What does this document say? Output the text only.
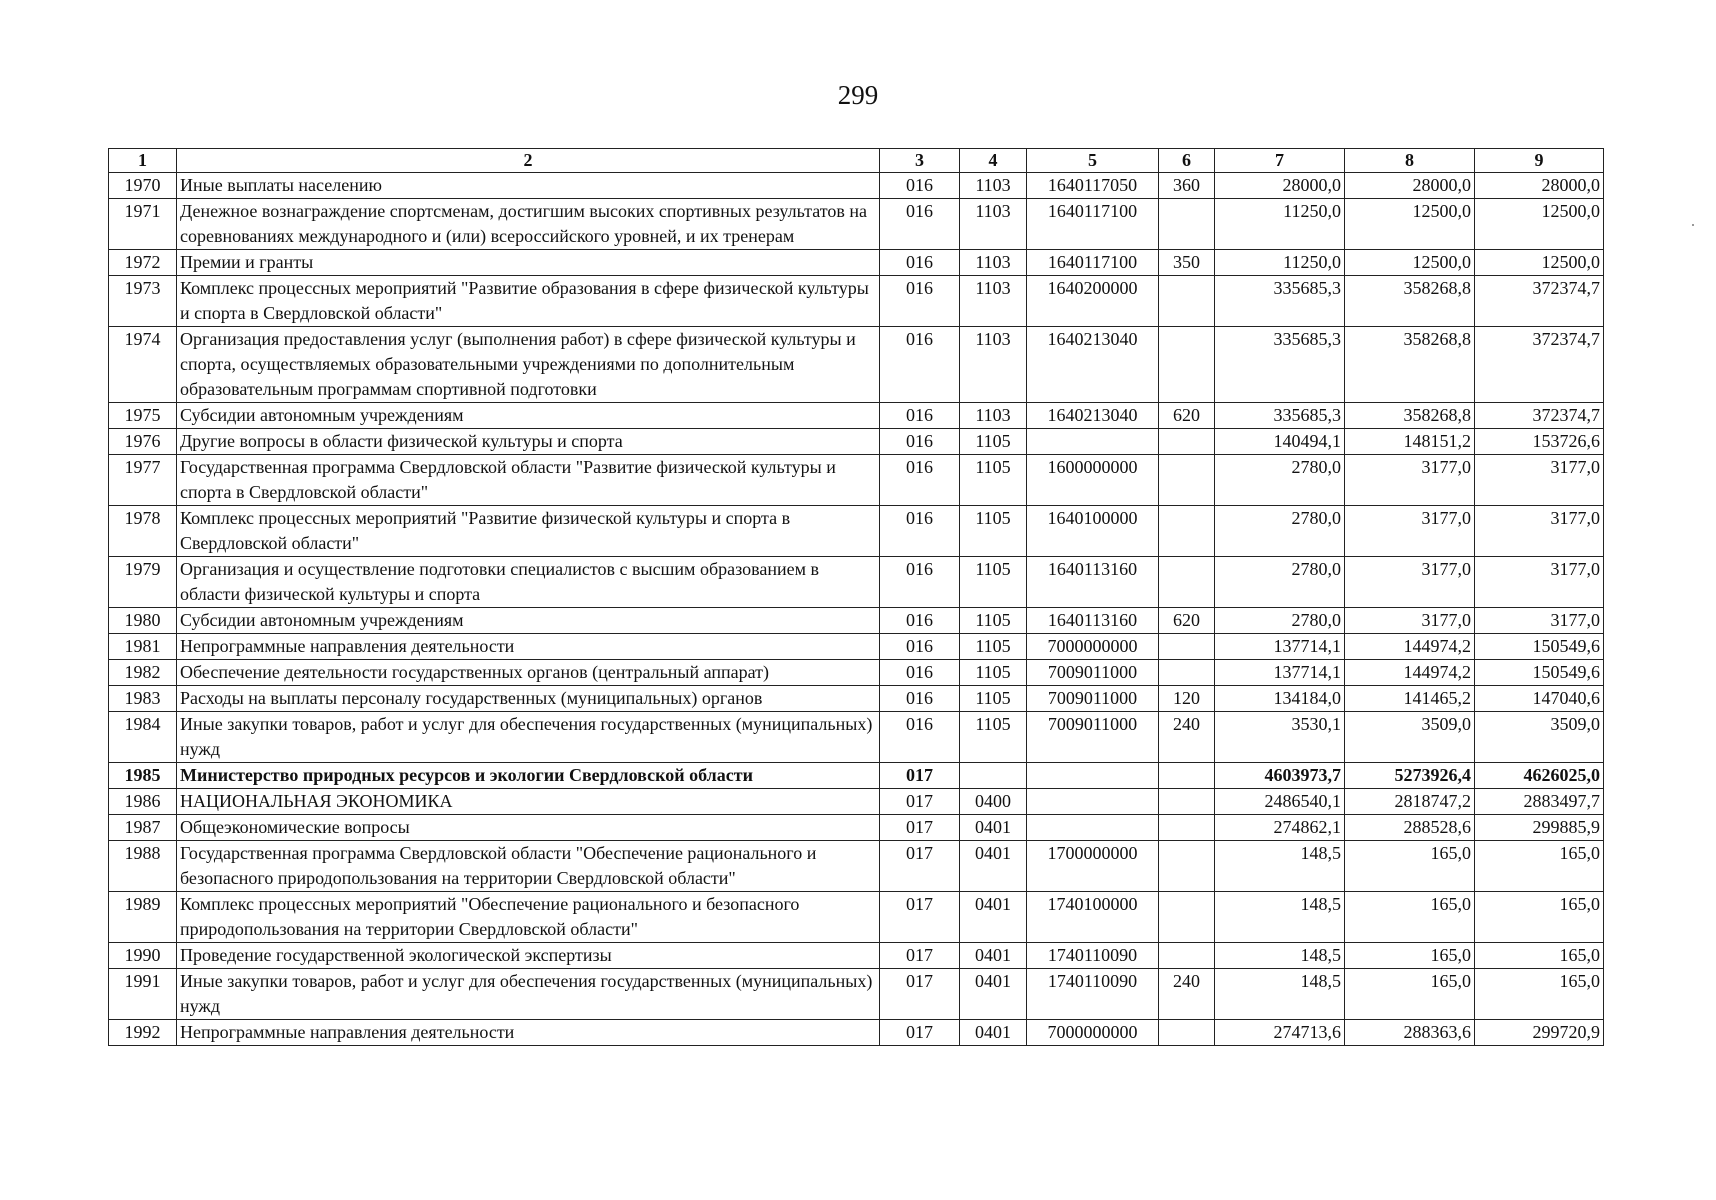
299
1	2	3	4	5	6	7	8	9
1970	Иные выплаты населению	016	1103	1640117050	360	28000,0	28000,0	28000,0
1971	Денежное вознаграждение спортсменам, достигшим высоких спортивных результатов на соревнованиях международного и (или) всероссийского уровней, и их тренерам	016	1103	1640117100		11250,0	12500,0	12500,0
1972	Премии и гранты	016	1103	1640117100	350	11250,0	12500,0	12500,0
1973	Комплекс процессных мероприятий "Развитие образования в сфере физической культуры и спорта в Свердловской области"	016	1103	1640200000		335685,3	358268,8	372374,7
1974	Организация предоставления услуг (выполнения работ) в сфере физической культуры и спорта, осуществляемых образовательными учреждениями по дополнительным образовательным программам спортивной подготовки	016	1103	1640213040		335685,3	358268,8	372374,7
1975	Субсидии автономным учреждениям	016	1103	1640213040	620	335685,3	358268,8	372374,7
1976	Другие вопросы в области физической культуры и спорта	016	1105			140494,1	148151,2	153726,6
1977	Государственная программа Свердловской области "Развитие физической культуры и спорта в Свердловской области"	016	1105	1600000000		2780,0	3177,0	3177,0
1978	Комплекс процессных мероприятий "Развитие физической культуры и спорта в Свердловской области"	016	1105	1640100000		2780,0	3177,0	3177,0
1979	Организация и осуществление подготовки специалистов с высшим образованием в области физической культуры и спорта	016	1105	1640113160		2780,0	3177,0	3177,0
1980	Субсидии автономным учреждениям	016	1105	1640113160	620	2780,0	3177,0	3177,0
1981	Непрограммные направления деятельности	016	1105	7000000000		137714,1	144974,2	150549,6
1982	Обеспечение деятельности государственных органов (центральный аппарат)	016	1105	7009011000		137714,1	144974,2	150549,6
1983	Расходы на выплаты персоналу государственных (муниципальных) органов	016	1105	7009011000	120	134184,0	141465,2	147040,6
1984	Иные закупки товаров, работ и услуг для обеспечения государственных (муниципальных) нужд	016	1105	7009011000	240	3530,1	3509,0	3509,0
1985	Министерство природных ресурсов и экологии Свердловской области	017				4603973,7	5273926,4	4626025,0
1986	НАЦИОНАЛЬНАЯ ЭКОНОМИКА	017	0400			2486540,1	2818747,2	2883497,7
1987	Общеэкономические вопросы	017	0401			274862,1	288528,6	299885,9
1988	Государственная программа Свердловской области "Обеспечение рационального и безопасного природопользования на территории Свердловской области"	017	0401	1700000000		148,5	165,0	165,0
1989	Комплекс процессных мероприятий "Обеспечение рационального и безопасного природопользования на территории Свердловской области"	017	0401	1740100000		148,5	165,0	165,0
1990	Проведение государственной экологической экспертизы	017	0401	1740110090		148,5	165,0	165,0
1991	Иные закупки товаров, работ и услуг для обеспечения государственных (муниципальных) нужд	017	0401	1740110090	240	148,5	165,0	165,0
1992	Непрограммные направления деятельности	017	0401	7000000000		274713,6	288363,6	299720,9
